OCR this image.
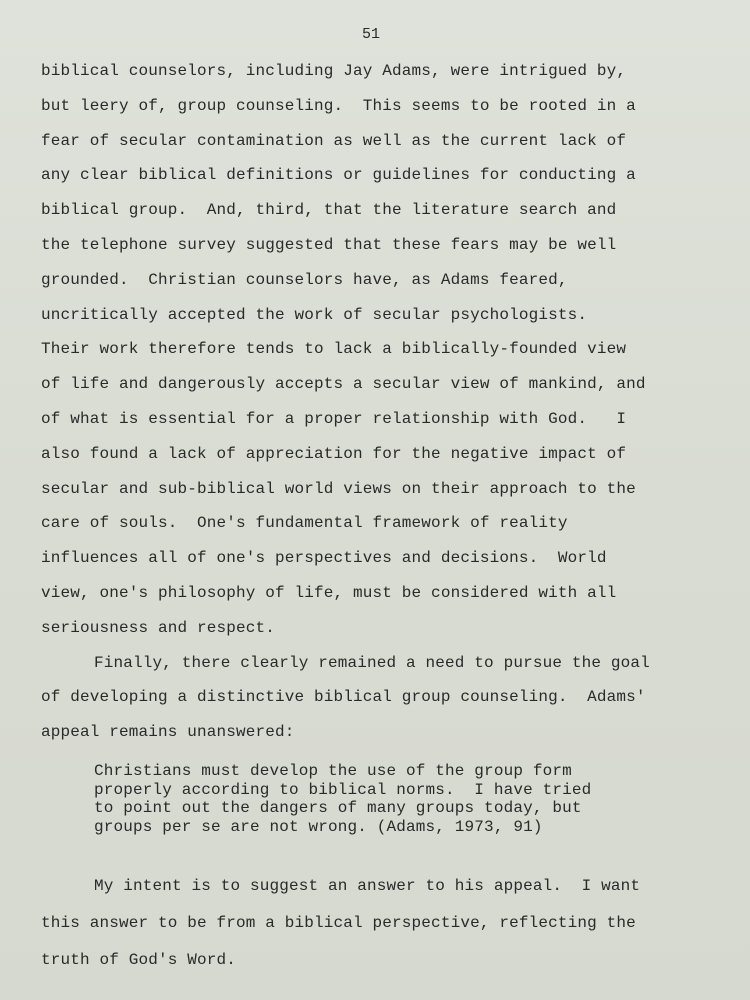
51
biblical counselors, including Jay Adams, were intrigued by,
but leery of, group counseling.  This seems to be rooted in a
fear of secular contamination as well as the current lack of
any clear biblical definitions or guidelines for conducting a
biblical group.  And, third, that the literature search and
the telephone survey suggested that these fears may be well
grounded.  Christian counselors have, as Adams feared,
uncritically accepted the work of secular psychologists.
Their work therefore tends to lack a biblically-founded view
of life and dangerously accepts a secular view of mankind, and
of what is essential for a proper relationship with God.   I
also found a lack of appreciation for the negative impact of
secular and sub-biblical world views on their approach to the
care of souls.  One's fundamental framework of reality
influences all of one's perspectives and decisions.  World
view, one's philosophy of life, must be considered with all
seriousness and respect.
Finally, there clearly remained a need to pursue the goal
of developing a distinctive biblical group counseling.  Adams'
appeal remains unanswered:
Christians must develop the use of the group form
properly according to biblical norms.  I have tried
to point out the dangers of many groups today, but
groups per se are not wrong. (Adams, 1973, 91)
My intent is to suggest an answer to his appeal.  I want
this answer to be from a biblical perspective, reflecting the
truth of God's Word.
